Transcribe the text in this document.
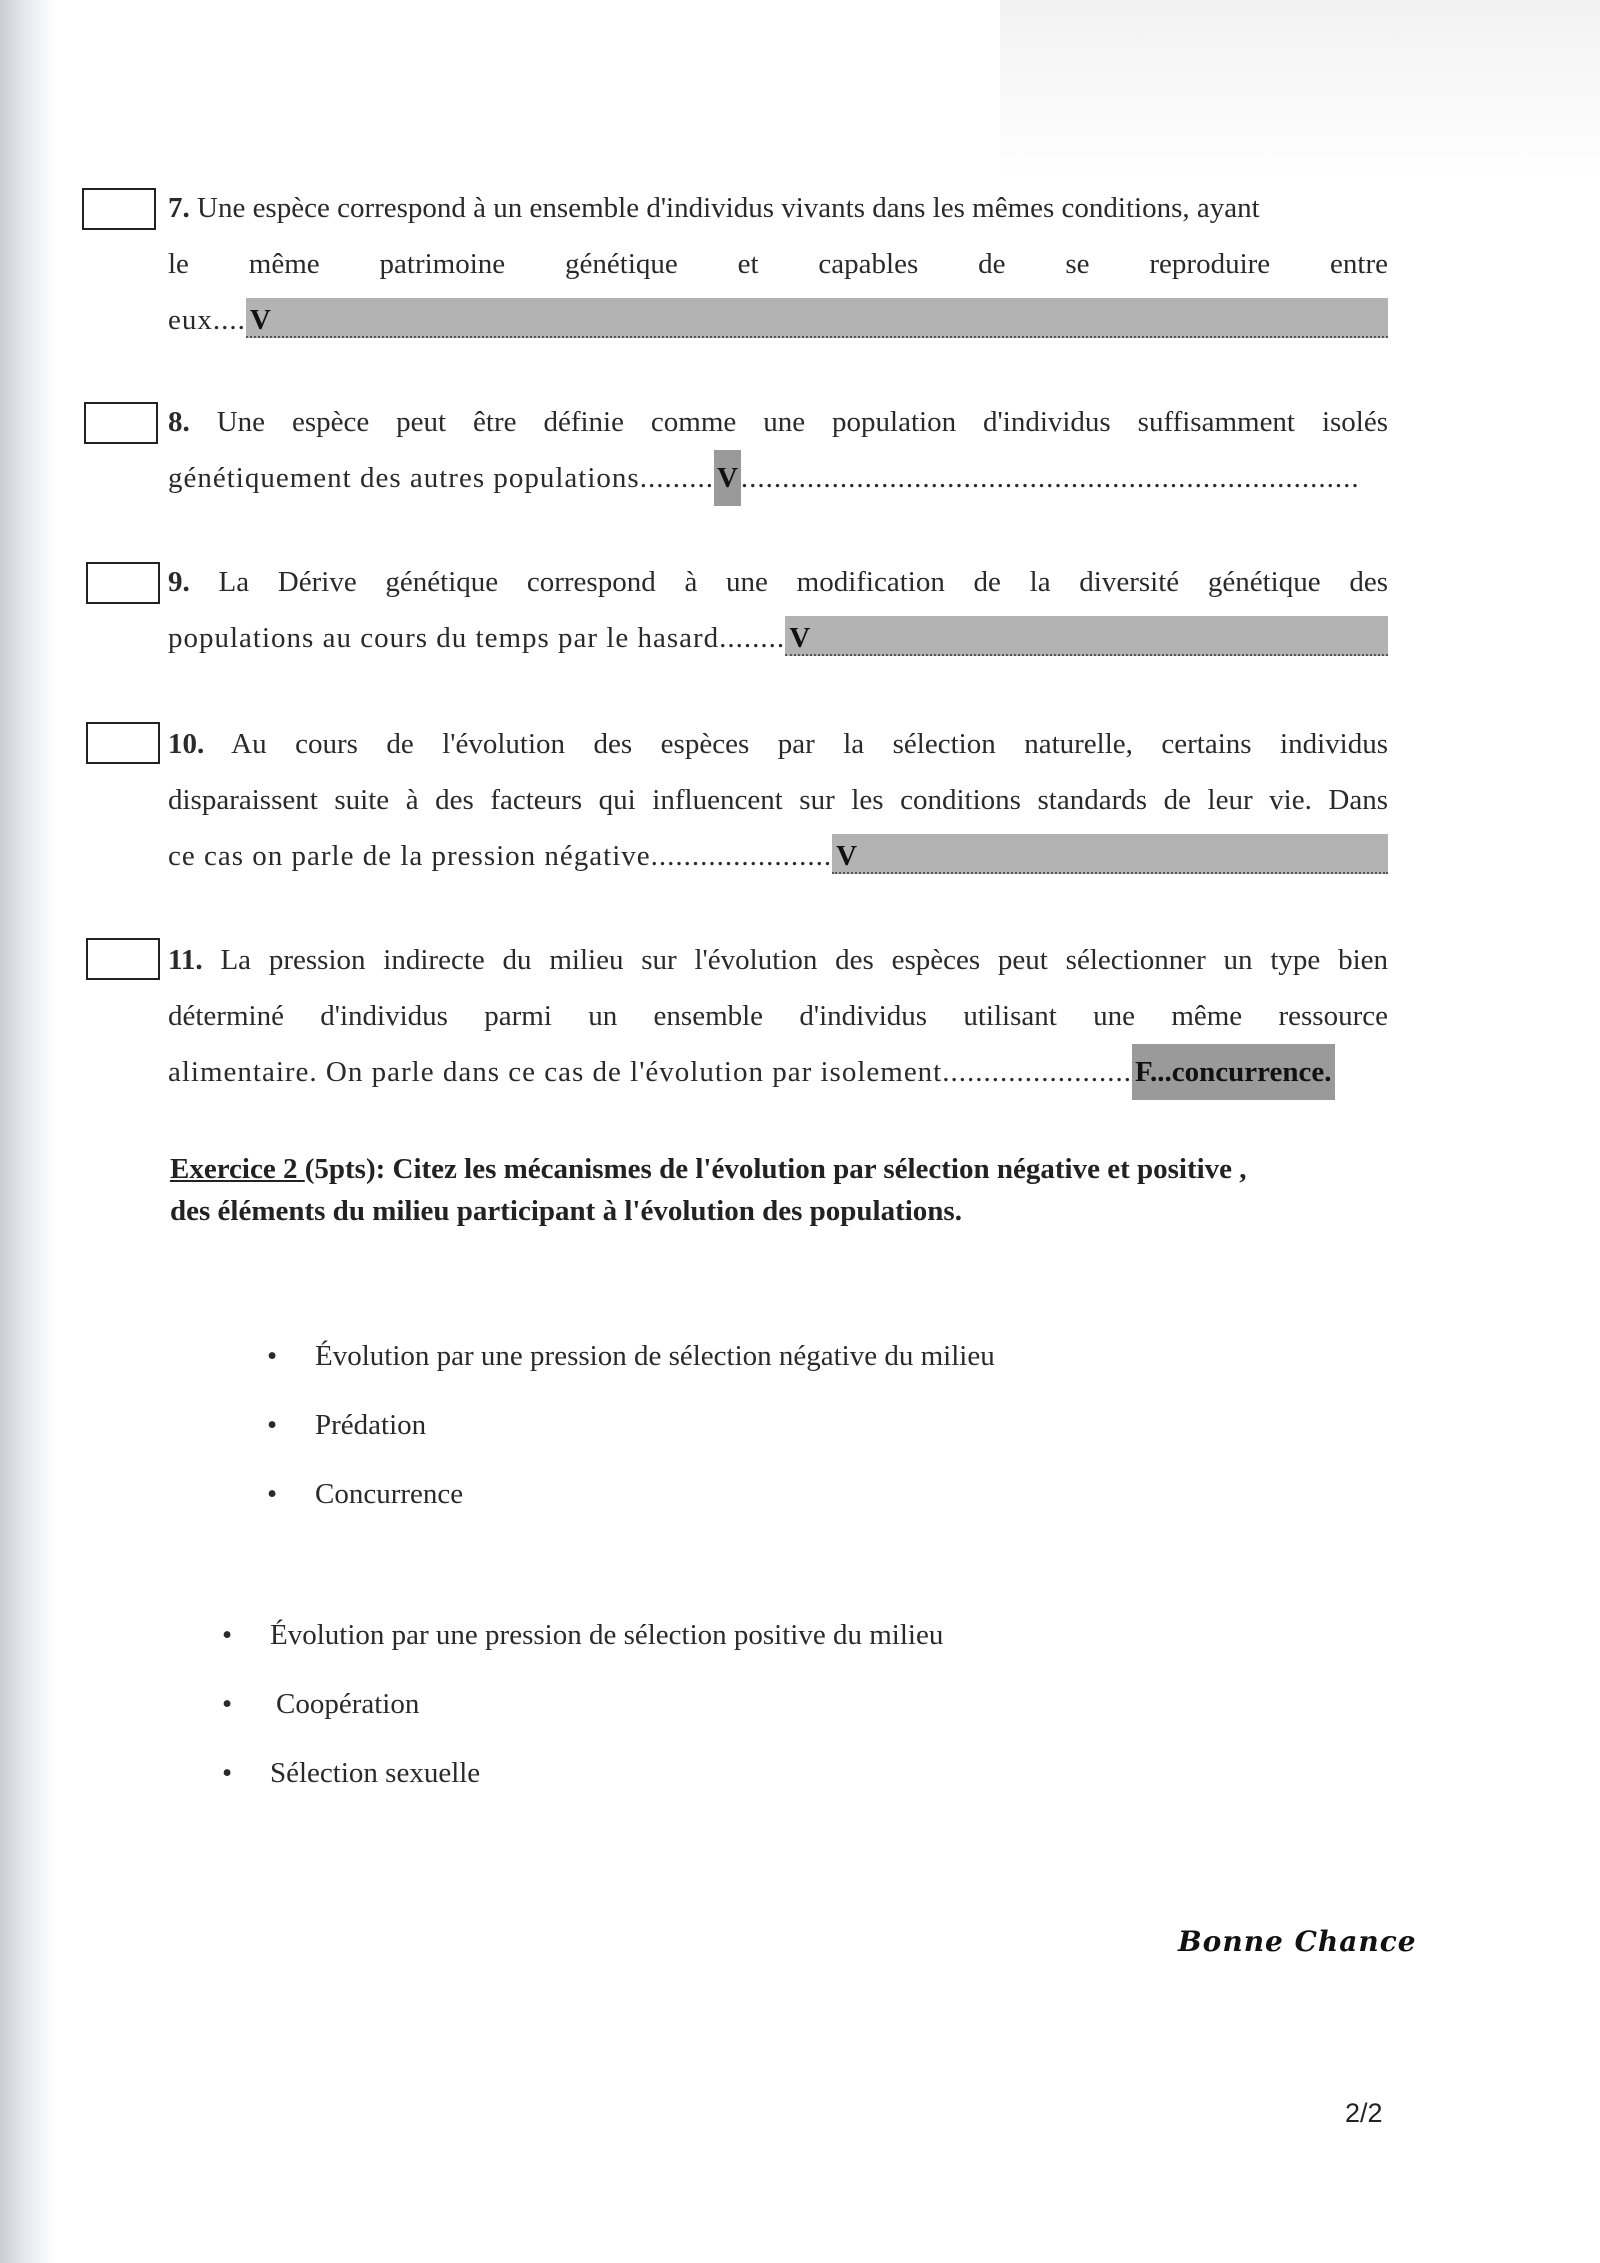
7. Une espèce correspond à un ensemble d'individus vivants dans les mêmes conditions, ayant

le même patrimoine génétique et capables de se reproduire entre

eux.... V

8. Une espèce peut être définie comme une population d'individus suffisamment isolés

génétiquement des autres populations......... V ...........................................................................

9. La Dérive génétique correspond à une modification de la diversité génétique des

populations au cours du temps par le hasard........ V

10. Au cours de l'évolution des espèces par la sélection naturelle, certains individus

disparaissent suite à des facteurs qui influencent sur les conditions standards de leur vie. Dans

ce cas on parle de la pression négative...................... V

11. La pression indirecte du milieu sur l'évolution des espèces peut sélectionner un type bien

déterminé d'individus parmi un ensemble d'individus utilisant une même ressource

alimentaire. On parle dans ce cas de l'évolution par isolement....................... F...concurrence.
Exercice 2 (5pts): Citez les mécanismes de l'évolution par sélection négative et positive ,
des éléments du milieu participant à l'évolution des populations.
•	Évolution par une pression de sélection négative du milieu
•	Prédation
•	Concurrence
•	Évolution par une pression de sélection positive du milieu
•	Coopération
•	Sélection sexuelle
Bonne Chance
2/2
